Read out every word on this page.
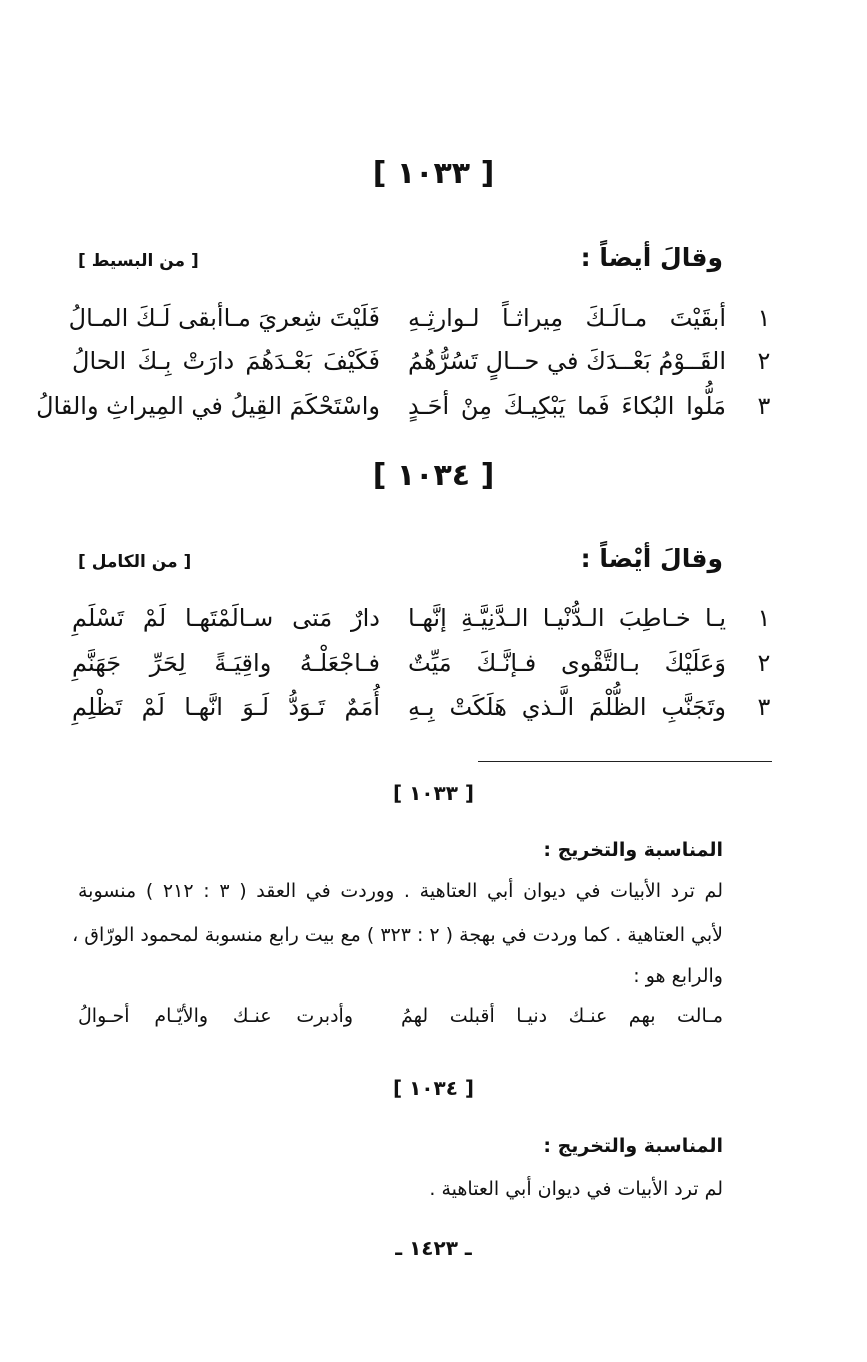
[ ١٠٣٣ ]
وقالَ أيضاً :
[ من البسيط ]
١
أبقَيْتَ مـالَـكَ مِيراثـاً لـوارثِـهِ
فَلَيْتَ شِعريَ مـاأبقى لَـكَ المـالُ
٢
القَــوْمُ بَعْــدَكَ في حــالٍ تَسُرُّهُمُ
فَكَيْفَ بَعْـدَهُمَ دارَتْ بِـكَ الحالُ
٣
مَلُّوا البُكاءَ فَما يَبْكِيـكَ مِنْ أحَـدٍ
واسْتَحْكَمَ القِيلُ في المِيراثِ والقالُ
[ ١٠٣٤ ]
وقالَ أيْضاً :
[ من الكامل ]
١
يـا خـاطِبَ الـدُّنْيـا الـدَّنِيَّـةِ إنَّهـا
دارٌ مَتى سـالَمْتَهـا لَمْ تَسْلَمِ
٢
وَعَلَيْكَ بـالتَّقْوى فـإنَّـكَ مَيِّتٌ
فـاجْعَلْـهُ واقِيَـةً لِحَرِّ جَهَنَّمِ
٣
وتَجَنَّبِ الظُّلْمَ الَّـذي هَلَكَتْ بِـهِ
أُمَمٌ تَـوَدُّ لَـوَ انَّهـا لَمْ تَظْلِمِ
[ ١٠٣٣ ]
المناسبة والتخريج :
لم ترد الأبيات في ديوان أبي العتاهية . ووردت في العقد ( ٣ : ٢١٢ ) منسوبة
لأبي العتاهية . كما وردت في بهجة ( ٢ : ٣٢٣ ) مع بيت رابع منسوبة لمحمود الورّاق ،
والرابع هو :
مـالت بهم عنـك دنيـا أقبلت لهمُ
وأدبرت عنـك والأيّـام أحـوالُ
[ ١٠٣٤ ]
المناسبة والتخريج :
لم ترد الأبيات في ديوان أبي العتاهية .
ـ ١٤٢٣ ـ
